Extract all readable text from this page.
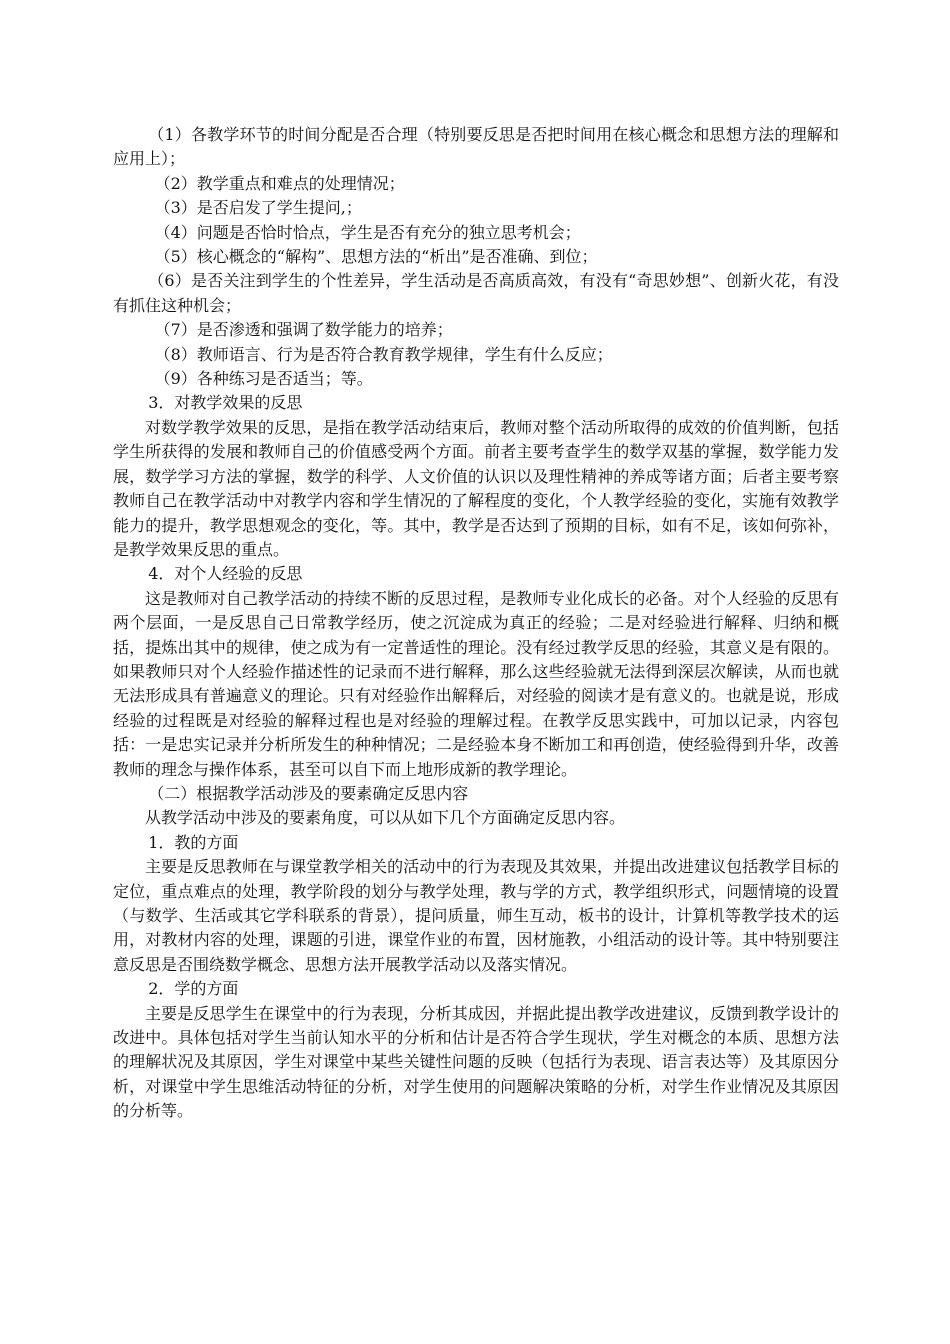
（1）各教学环节的时间分配是否合理（特别要反思是否把时间用在核心概念和思想方法的理解和应用上）；

（2）教学重点和难点的处理情况；

（3）是否启发了学生提问,；

（4）问题是否恰时恰点，学生是否有充分的独立思考机会；

（5）核心概念的“解构”、思想方法的“析出”是否准确、到位；

（6）是否关注到学生的个性差异，学生活动是否高质高效，有没有“奇思妙想”、创新火花，有没有抓住这种机会；

（7）是否渗透和强调了数学能力的培养；

（8）教师语言、行为是否符合教育教学规律，学生有什么反应；

（9）各种练习是否适当；等。

3．对教学效果的反思

对数学教学效果的反思，是指在教学活动结束后，教师对整个活动所取得的成效的价值判断，包括学生所获得的发展和教师自己的价值感受两个方面。前者主要考查学生的数学双基的掌握，数学能力发展，数学学习方法的掌握，数学的科学、人文价值的认识以及理性精神的养成等诸方面；后者主要考察教师自己在教学活动中对教学内容和学生情况的了解程度的变化，个人教学经验的变化，实施有效教学能力的提升，教学思想观念的变化，等。其中，教学是否达到了预期的目标，如有不足，该如何弥补，是教学效果反思的重点。

4．对个人经验的反思

这是教师对自己教学活动的持续不断的反思过程，是教师专业化成长的必备。对个人经验的反思有两个层面，一是反思自己日常教学经历，使之沉淀成为真正的经验；二是对经验进行解释、归纳和概括，提炼出其中的规律，使之成为有一定普适性的理论。没有经过教学反思的经验，其意义是有限的。如果教师只对个人经验作描述性的记录而不进行解释，那么这些经验就无法得到深层次解读，从而也就无法形成具有普遍意义的理论。只有对经验作出解释后，对经验的阅读才是有意义的。也就是说，形成经验的过程既是对经验的解释过程也是对经验的理解过程。在教学反思实践中，可加以记录，内容包括：一是忠实记录并分析所发生的种种情况；二是经验本身不断加工和再创造，使经验得到升华，改善教师的理念与操作体系，甚至可以自下而上地形成新的教学理论。

（二）根据教学活动涉及的要素确定反思内容

从教学活动中涉及的要素角度，可以从如下几个方面确定反思内容。

1．教的方面

主要是反思教师在与课堂教学相关的活动中的行为表现及其效果，并提出改进建议包括教学目标的定位，重点难点的处理，教学阶段的划分与教学处理，教与学的方式，教学组织形式，问题情境的设置（与数学、生活或其它学科联系的背景），提问质量，师生互动，板书的设计，计算机等教学技术的运用，对教材内容的处理，课题的引进，课堂作业的布置，因材施教，小组活动的设计等。其中特别要注意反思是否围绕数学概念、思想方法开展教学活动以及落实情况。

2．学的方面

主要是反思学生在课堂中的行为表现，分析其成因，并据此提出教学改进建议，反馈到教学设计的改进中。具体包括对学生当前认知水平的分析和估计是否符合学生现状，学生对概念的本质、思想方法的理解状况及其原因，学生对课堂中某些关键性问题的反映（包括行为表现、语言表达等）及其原因分析，对课堂中学生思维活动特征的分析，对学生使用的问题解决策略的分析，对学生作业情况及其原因的分析等。
